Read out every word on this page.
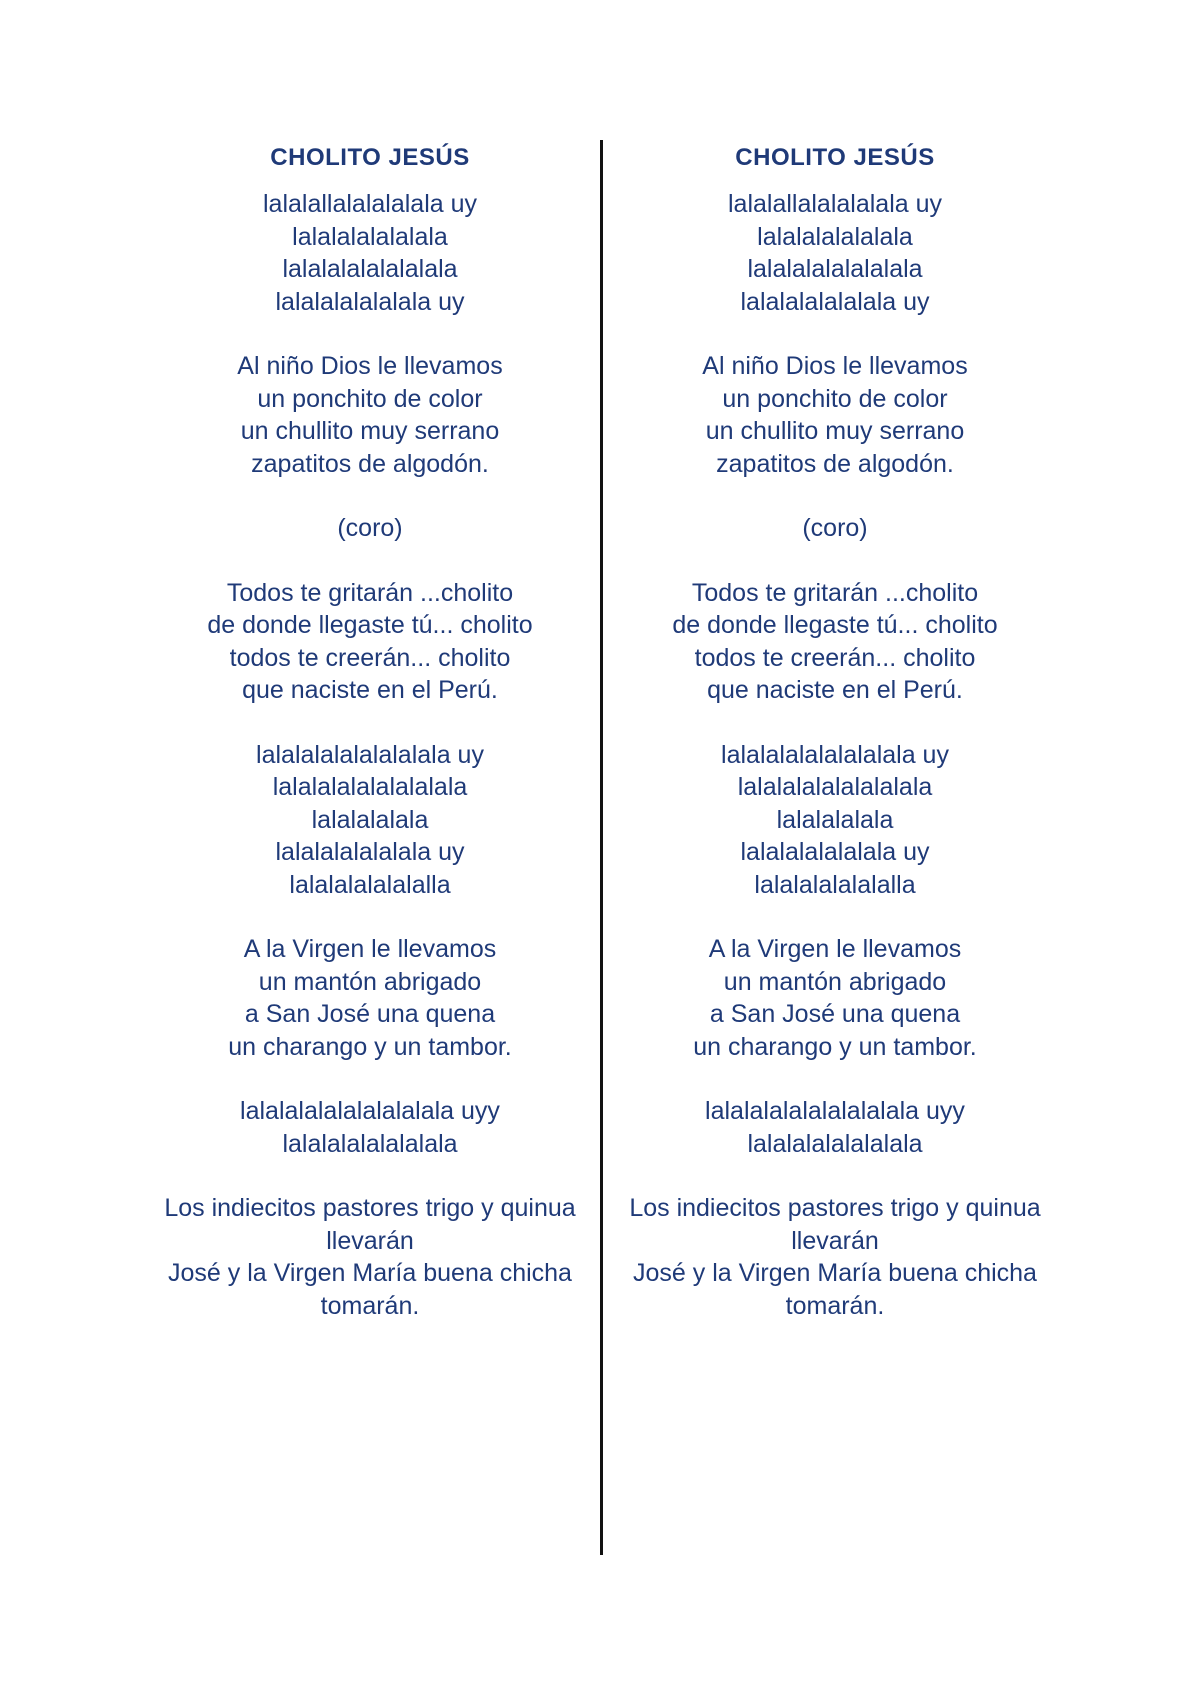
CHOLITO JESÚS
lalalallalalalalala uy
lalalalalalalala
lalalalalalalalala
lalalalalalalala uy
Al niño Dios le llevamos
un ponchito de color
un chullito muy serrano
zapatitos de algodón.
(coro)
Todos te gritarán ...cholito
de donde llegaste tú... cholito
todos te creerán... cholito
que naciste en el Perú.
lalalalalalalalalala uy
lalalalalalalalalala
lalalalalala
lalalalalalalala uy
lalalalalalalalla
A la Virgen le llevamos
un mantón abrigado
a San José una quena
un charango y un tambor.
lalalalalalalalalalala uyy
lalalalalalalalala
Los indiecitos pastores trigo y quinua
llevarán
José y la Virgen María buena chicha
tomarán.
CHOLITO JESÚS
lalalallalalalalala uy
lalalalalalalala
lalalalalalalalala
lalalalalalalala uy
Al niño Dios le llevamos
un ponchito de color
un chullito muy serrano
zapatitos de algodón.
(coro)
Todos te gritarán ...cholito
de donde llegaste tú... cholito
todos te creerán... cholito
que naciste en el Perú.
lalalalalalalalalala uy
lalalalalalalalalala
lalalalalala
lalalalalalalala uy
lalalalalalalalla
A la Virgen le llevamos
un mantón abrigado
a San José una quena
un charango y un tambor.
lalalalalalalalalalala uyy
lalalalalalalalala
Los indiecitos pastores trigo y quinua
llevarán
José y la Virgen María buena chicha
tomarán.
